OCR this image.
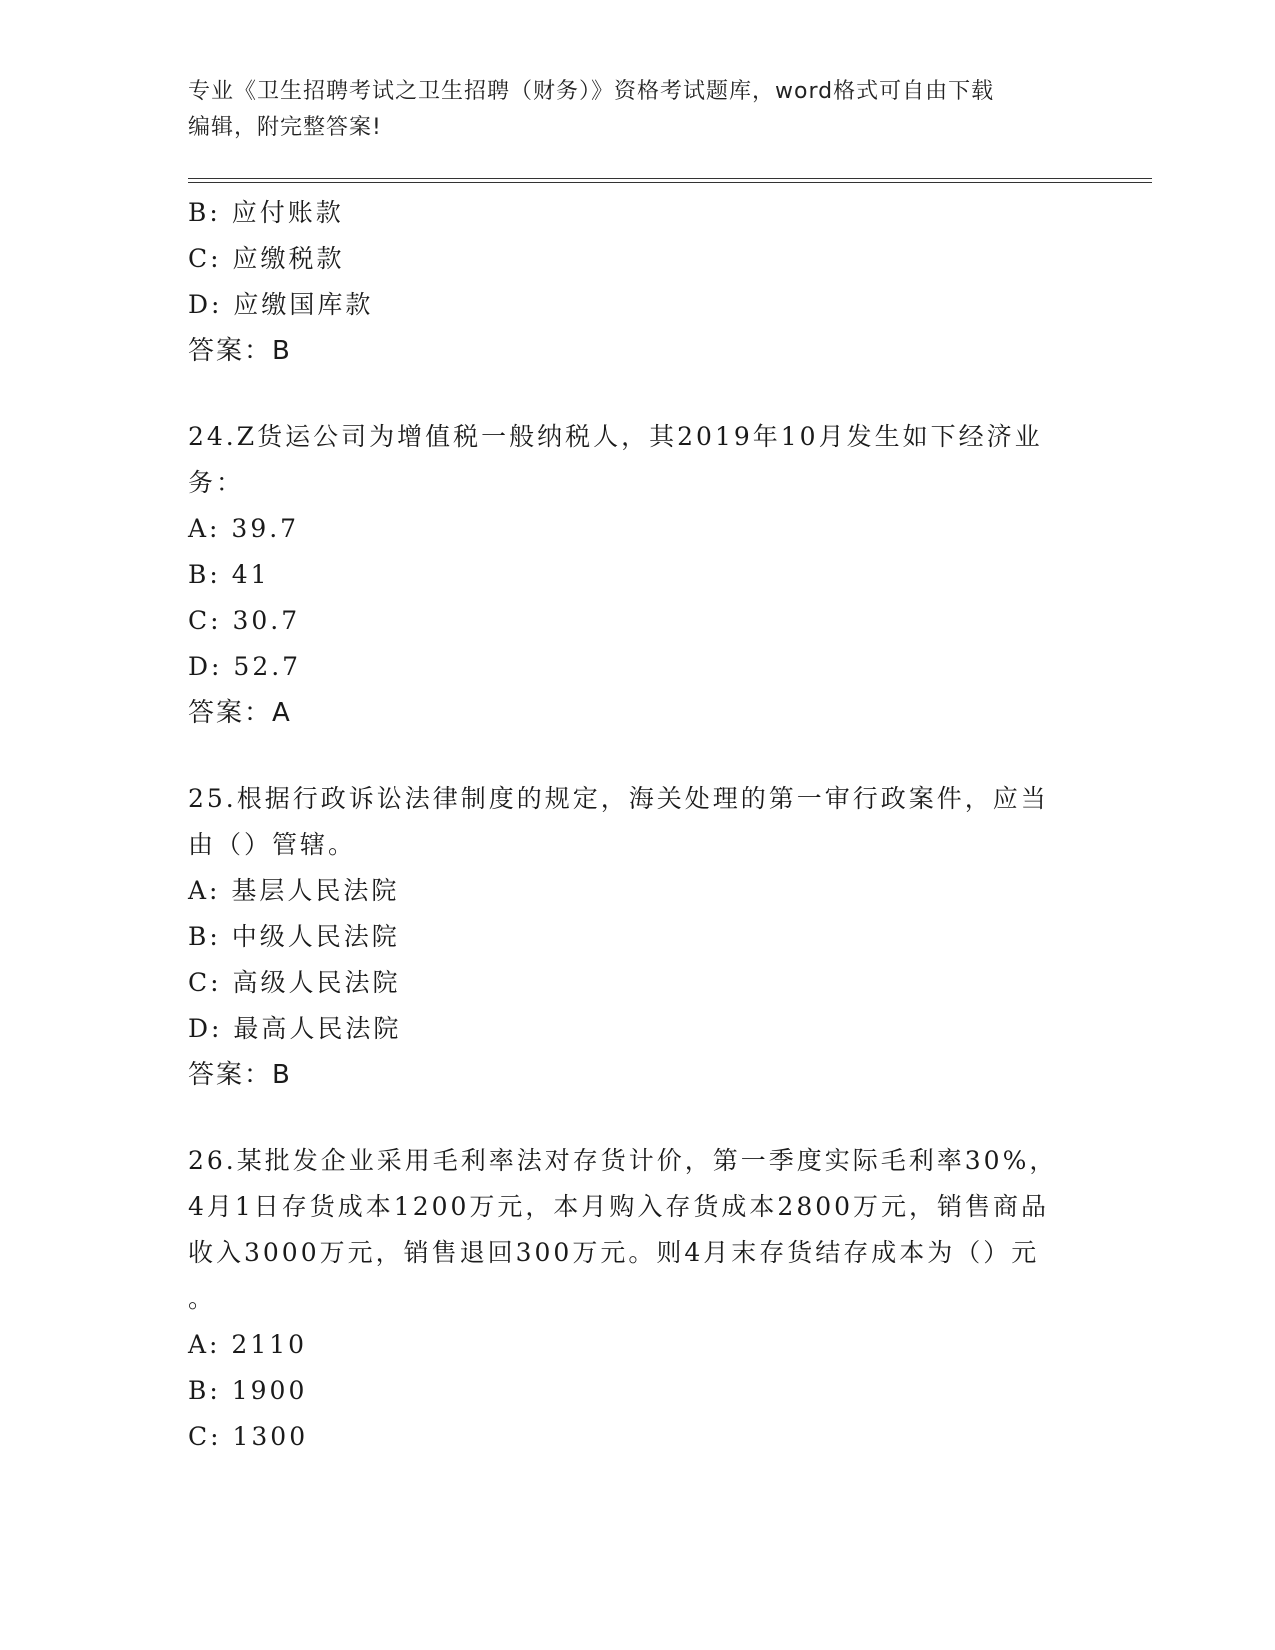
专业《卫生招聘考试之卫生招聘（财务）》资格考试题库，word格式可自由下载
编辑，附完整答案!
B: 应付账款
C: 应缴税款
D: 应缴国库款
答案：B
24.Z货运公司为增值税一般纳税人，其2019年10月发生如下经济业
务：
A: 39.7
B: 41
C: 30.7
D: 52.7
答案：A
25.根据行政诉讼法律制度的规定，海关处理的第一审行政案件，应当
由（）管辖。
A: 基层人民法院
B: 中级人民法院
C: 高级人民法院
D: 最高人民法院
答案：B
26.某批发企业采用毛利率法对存货计价，第一季度实际毛利率30%，
4月1日存货成本1200万元，本月购入存货成本2800万元，销售商品
收入3000万元，销售退回300万元。则4月末存货结存成本为（）元
。
A: 2110
B: 1900
C: 1300
